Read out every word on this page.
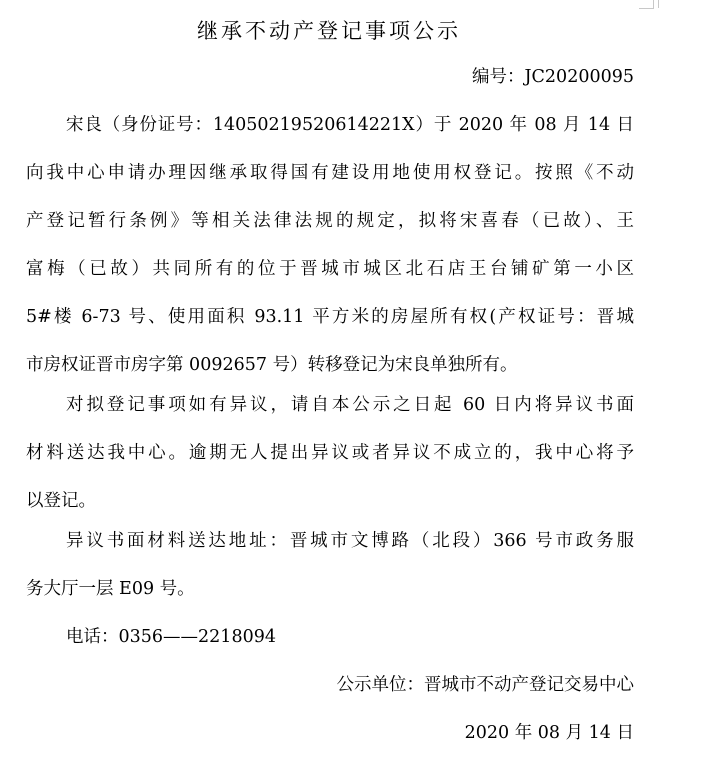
继承不动产登记事项公示
编号：JC20200095
宋良（身份证号：14050219520614221X）于 2020 年 08 月 14 日
向我中心申请办理因继承取得国有建设用地使用权登记。按照《不动
产登记暂行条例》等相关法律法规的规定，拟将宋喜春（已故）、王
富梅（已故）共同所有的位于晋城市城区北石店王台铺矿第一小区
5#楼 6-73 号、使用面积 93.11 平方米的房屋所有权(产权证号：晋城
市房权证晋市房字第 0092657 号）转移登记为宋良单独所有。
对拟登记事项如有异议，请自本公示之日起 60 日内将异议书面
材料送达我中心。逾期无人提出异议或者异议不成立的，我中心将予
以登记。
异议书面材料送达地址：晋城市文博路（北段）366 号市政务服
务大厅一层 E09 号。
电话：0356——2218094
公示单位：晋城市不动产登记交易中心
2020 年 08 月 14 日
